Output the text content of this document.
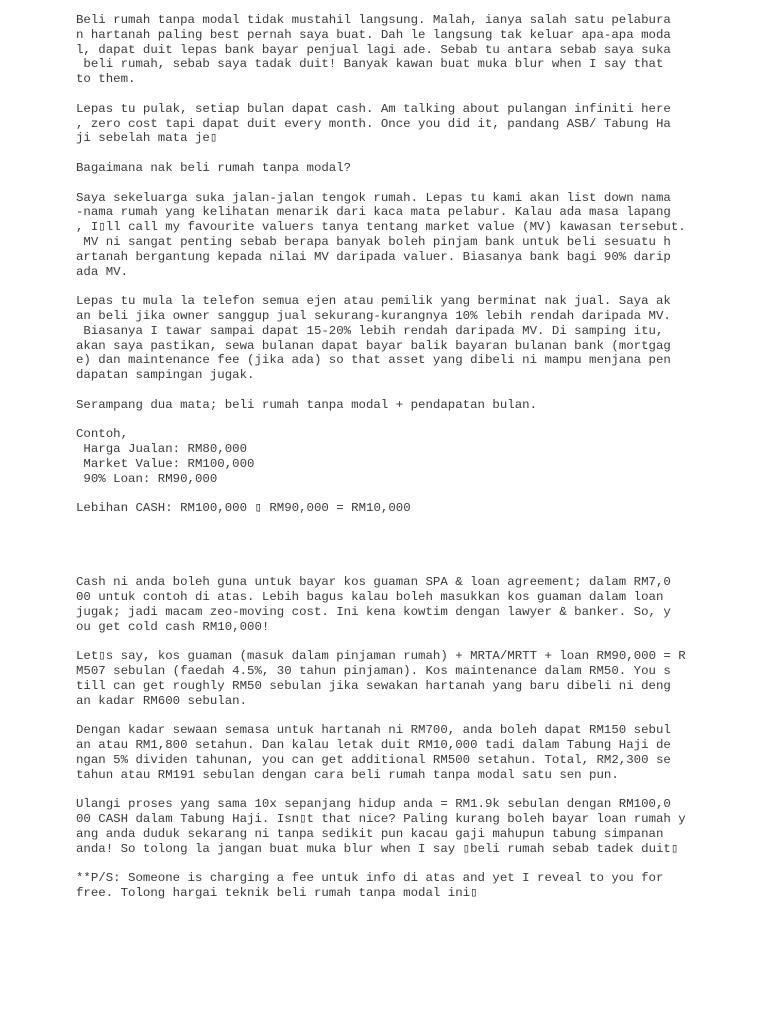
Beli rumah tanpa modal tidak mustahil langsung. Malah, ianya salah satu pelabura
n hartanah paling best pernah saya buat. Dah le langsung tak keluar apa-apa moda
l, dapat duit lepas bank bayar penjual lagi ade. Sebab tu antara sebab saya suka
beli rumah, sebab saya tadak duit! Banyak kawan buat muka blur when I say that
to them.
Lepas tu pulak, setiap bulan dapat cash. Am talking about pulangan infiniti here
, zero cost tapi dapat duit every month. Once you did it, pandang ASB/ Tabung Ha
ji sebelah mata je▯
Bagaimana nak beli rumah tanpa modal?
Saya sekeluarga suka jalan-jalan tengok rumah. Lepas tu kami akan list down nama
-nama rumah yang kelihatan menarik dari kaca mata pelabur. Kalau ada masa lapang
, I▯ll call my favourite valuers tanya tentang market value (MV) kawasan tersebut.
MV ni sangat penting sebab berapa banyak boleh pinjam bank untuk beli sesuatu h
artanah bergantung kepada nilai MV daripada valuer. Biasanya bank bagi 90% darip
ada MV.
Lepas tu mula la telefon semua ejen atau pemilik yang berminat nak jual. Saya ak
an beli jika owner sanggup jual sekurang-kurangnya 10% lebih rendah daripada MV.
Biasanya I tawar sampai dapat 15-20% lebih rendah daripada MV. Di samping itu,
akan saya pastikan, sewa bulanan dapat bayar balik bayaran bulanan bank (mortgag
e) dan maintenance fee (jika ada) so that asset yang dibeli ni mampu menjana pen
dapatan sampingan jugak.
Serampang dua mata; beli rumah tanpa modal + pendapatan bulan.
Contoh,
Harga Jualan: RM80,000
Market Value: RM100,000
90% Loan: RM90,000
Lebihan CASH: RM100,000 ▯ RM90,000 = RM10,000
Cash ni anda boleh guna untuk bayar kos guaman SPA & loan agreement; dalam RM7,0
00 untuk contoh di atas. Lebih bagus kalau boleh masukkan kos guaman dalam loan
jugak; jadi macam zeo-moving cost. Ini kena kowtim dengan lawyer & banker. So, y
ou get cold cash RM10,000!
Let▯s say, kos guaman (masuk dalam pinjaman rumah) + MRTA/MRTT + loan RM90,000 = R
M507 sebulan (faedah 4.5%, 30 tahun pinjaman). Kos maintenance dalam RM50. You s
till can get roughly RM50 sebulan jika sewakan hartanah yang baru dibeli ni deng
an kadar RM600 sebulan.
Dengan kadar sewaan semasa untuk hartanah ni RM700, anda boleh dapat RM150 sebul
an atau RM1,800 setahun. Dan kalau letak duit RM10,000 tadi dalam Tabung Haji de
ngan 5% dividen tahunan, you can get additional RM500 setahun. Total, RM2,300 se
tahun atau RM191 sebulan dengan cara beli rumah tanpa modal satu sen pun.
Ulangi proses yang sama 10x sepanjang hidup anda = RM1.9k sebulan dengan RM100,0
00 CASH dalam Tabung Haji. Isn▯t that nice? Paling kurang boleh bayar loan rumah y
ang anda duduk sekarang ni tanpa sedikit pun kacau gaji mahupun tabung simpanan
anda! So tolong la jangan buat muka blur when I say ▯beli rumah sebab tadek duit▯
**P/S: Someone is charging a fee untuk info di atas and yet I reveal to you for
free. Tolong hargai teknik beli rumah tanpa modal ini▯
